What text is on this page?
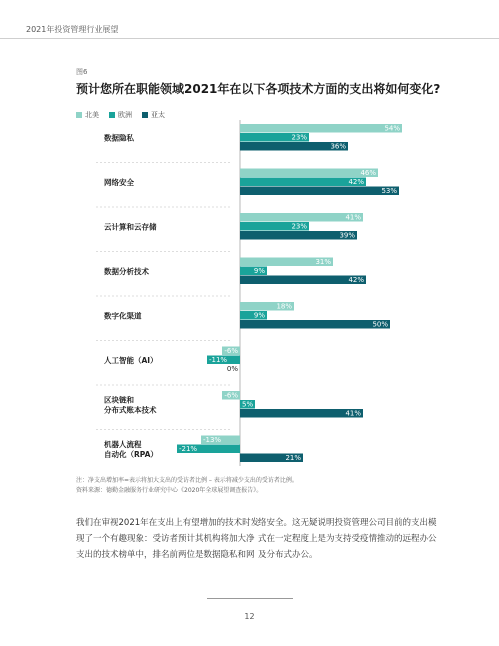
2021年投资管理行业展望
图6
预计您所在职能领域2021年在以下各项技术方面的支出将如何变化?
北美	欧洲	亚太
数据隐私
54%
23%
36%
网络安全
46%
42%
53%
云计算和云存储
41%
23%
39%
数据分析技术
31%
9%
42%
数字化渠道
18%
9%
50%
人工智能（AI）
-6%
-11%
0%
区块链和
分布式账本技术
-6%
5%
41%
机器人流程
自动化（RPA）
-13%
-21%
21%
注：净支出增加率=表示将加大支出的受访者比例 – 表示将减少支出的受访者比例。
资料来源：德勤金融服务行业研究中心《2020年全球展望调查报告》。
我们在审视2021年在支出上有望增加的技术时发
现了一个有趣现象：受访者预计其机构将加大净
支出的技术榜单中，排名前两位是数据隐私和网
络安全。这无疑说明投资管理公司目前的支出模
式在一定程度上是为支持受疫情推动的远程办公
及分布式办公。
12
